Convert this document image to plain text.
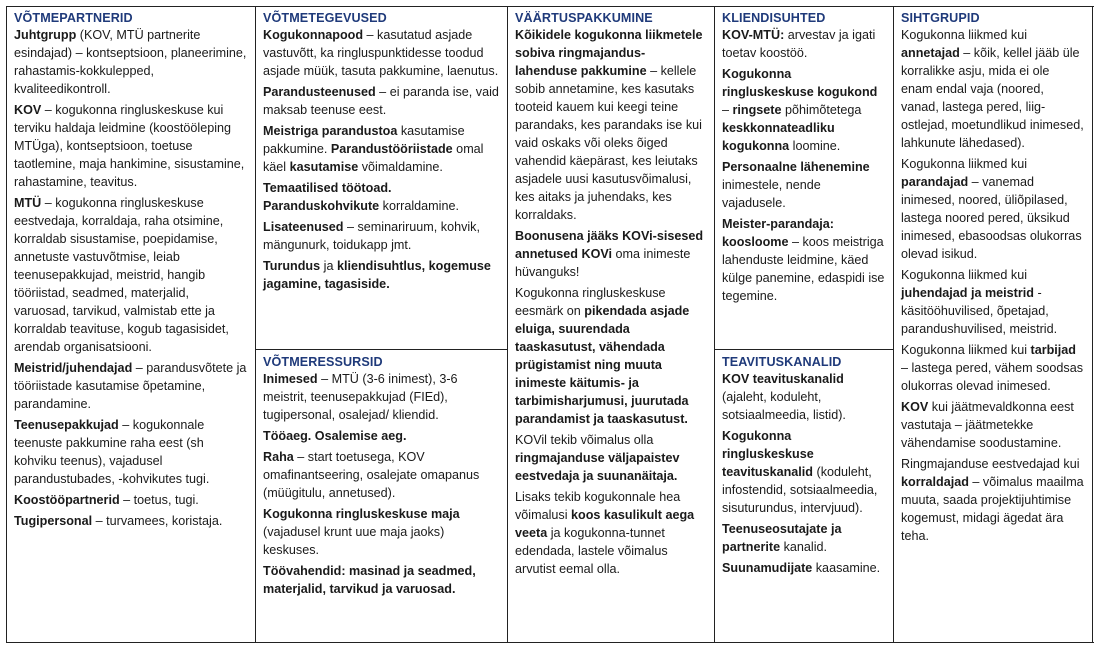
VÕTMEPARTNERID
Juhtgrupp (KOV, MTÜ partnerite esindajad) – kontseptsioon, planeerimine, rahastamis-kokkulepped, kvaliteedikontroll.
KOV – kogukonna ringluskeskuse kui terviku haldaja leidmine (koostööleping MTÜga), kontseptsioon, toetuse taotlemine, maja hankimine, sisustamine, rahastamine, teavitus.
MTÜ – kogukonna ringluskeskuse eestvedaja, korraldaja, raha otsimine, korraldab sisustamise, poepidamise, annetuste vastuvõtmise, leiab teenusepakkujad, meistrid, hangib tööriistad, seadmed, materjalid, varuosad, tarvikud, valmistab ette ja korraldab teavituse, kogub tagasisidet, arendab organisatsiooni.
Meistrid/juhendajad – parandusvõtete ja tööriistade kasutamise õpetamine, parandamine.
Teenusepakkujad – kogukonnale teenuste pakkumine raha eest (sh kohviku teenus), vajadusel parandustubades, -kohvikutes tugi.
Koostööpartnerid – toetus, tugi.
Tugipersonal – turvamees, koristaja.
VÕTMETEGEVUSED
Kogukonnapood – kasutatud asjade vastuvõtt, ka ringluspunktidesse toodud asjade müük, tasuta pakkumine, laenutus.
Parandusteenused – ei paranda ise, vaid maksab teenuse eest.
Meistriga parandustoa kasutamise pakkumine. Parandustööriistade omal käel kasutamise võimaldamine.
Temaatilised töötoad. Paranduskohvikute korraldamine.
Lisateenused – seminariruum, kohvik, mängunurk, toidukapp jmt.
Turundus ja kliendisuhtlus, kogemuse jagamine, tagasiside.
VÕTMERESSURSID
Inimesed – MTÜ (3-6 inimest), 3-6 meistrit, teenusepakkujad (FIEd), tugipersonal, osalejad/ kliendid.
Tööaeg. Osalemise aeg.
Raha – start toetusega, KOV omafinantseering, osalejate omapanus (müügitulu, annetused).
Kogukonna ringluskeskuse maja (vajadusel krunt uue maja jaoks) keskuses.
Töövahendid: masinad ja seadmed, materjalid, tarvikud ja varuosad.
VÄÄRTUSPAKKUMINE
Kõikidele kogukonna liikmetele sobiva ringmajandus-lahenduse pakkumine – kellele sobib annetamine, kes kasutaks tooteid kauem kui keegi teine parandaks, kes parandaks ise kui vaid oskaks või oleks õiged vahendid käepärast, kes leiutaks asjadele uusi kasutusvõimalusi, kes aitaks ja juhendaks, kes korraldaks.
Boonusena jääks KOVi-sisesed annetused KOVi oma inimeste hüvanguks!
Kogukonna ringluskeskuse eesmärk on pikendada asjade eluiga, suurendada taaskasutust, vähendada prügistamist ning muuta inimeste käitumis- ja tarbimisharjumusi, juurutada parandamist ja taaskasutust.
KOVil tekib võimalus olla ringmajanduse väljapaistev eestvedaja ja suunanäitaja.
Lisaks tekib kogukonnale hea võimalusi koos kasulikult aega veeta ja kogukonna-tunnet edendada, lastele võimalus arvutist eemal olla.
KLIENDISUHTED
KOV-MTÜ: arvestav ja igati toetav koostöö.
Kogukonna ringluskeskuse kogukond – ringsete põhimõtetega keskkonnateadliku kogukonna loomine.
Personaalne lähenemine inimestele, nende vajadusele.
Meister-parandaja: koosloome – koos meistriga lahenduste leidmine, käed külge panemine, edaspidi ise tegemine.
TEAVITUSKANALID
KOV teavituskanalid (ajaleht, koduleht, sotsiaalmeedia, listid).
Kogukonna ringluskeskuse teavituskanalid (koduleht, infostendid, sotsiaalmeedia, sisuturundus, intervjuud).
Teenuseosutajate ja partnerite kanalid.
Suunamudijate kaasamine.
SIHTGRUPID
Kogukonna liikmed kui annetajad – kõik, kellel jääb üle korralikke asju, mida ei ole enam endal vaja (noored, vanad, lastega pered, liig-ostlejad, moetundlikud inimesed, lahkunute lähedased).
Kogukonna liikmed kui parandajad – vanemad inimesed, noored, üliõpilased, lastega noored pered, üksikud inimesed, ebasoodsas olukorras olevad isikud.
Kogukonna liikmed kui juhendajad ja meistrid - käsitööhuvilised, õpetajad, parandushuvilised, meistrid.
Kogukonna liikmed kui tarbijad – lastega pered, vähem soodsas olukorras olevad inimesed.
KOV kui jäätmevaldkonna eest vastutaja – jäätmetekke vähendamise soodustamine.
Ringmajanduse eestvedajad kui korraldajad – võimalus maailma muuta, saada projektijuhtimise kogemust, midagi ägedat ära teha.
